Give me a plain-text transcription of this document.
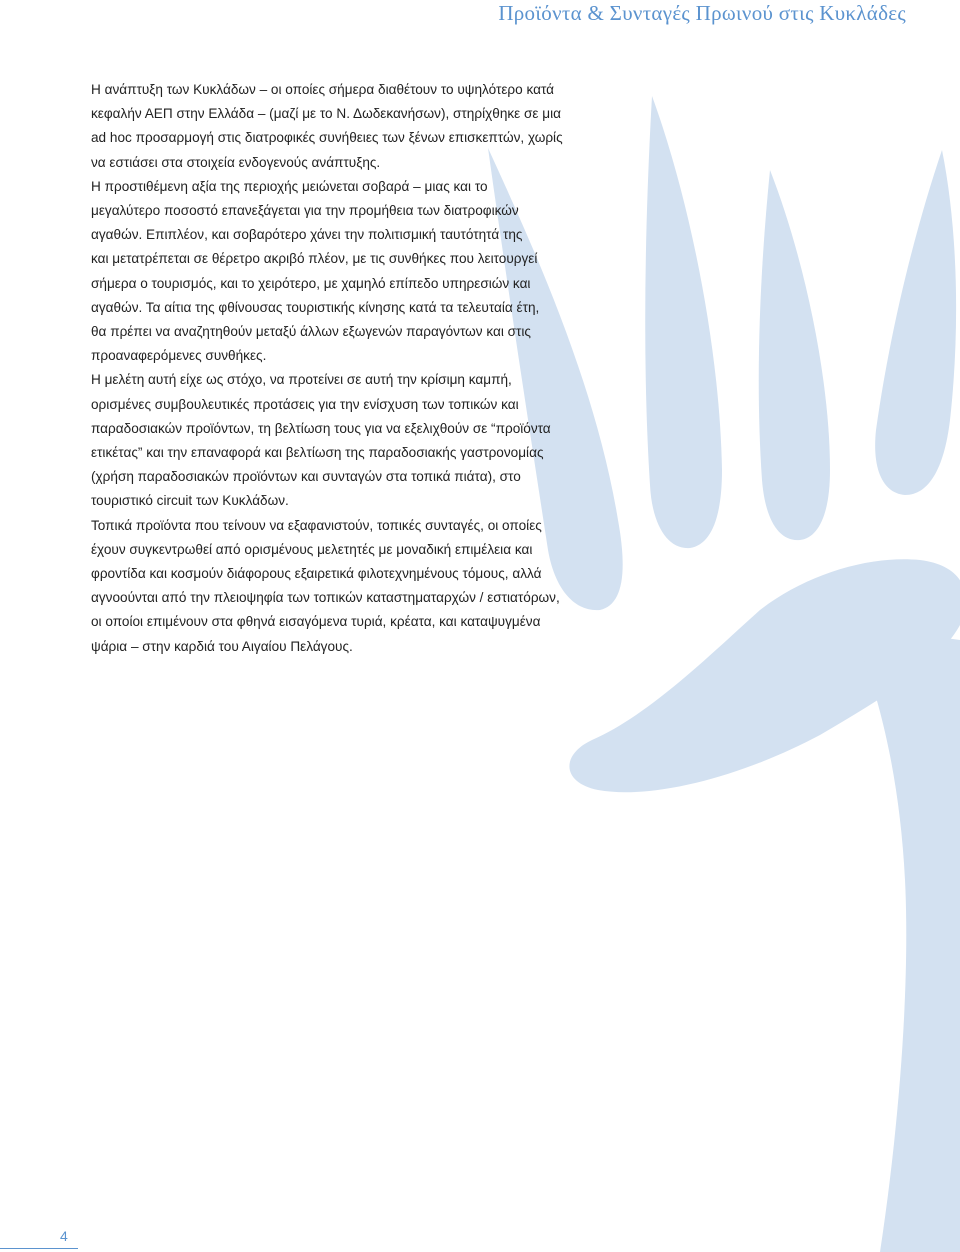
Προϊόντα & Συνταγές Πρωινού στις Κυκλάδες

Η ανάπτυξη των Κυκλάδων – οι οποίες σήμερα διαθέτουν το υψηλότερο κατά
κεφαλήν ΑΕΠ στην Ελλάδα – (μαζί με το Ν. Δωδεκανήσων), στηρίχθηκε σε μια
ad hoc προσαρμογή στις διατροφικές συνήθειες των ξένων επισκεπτών, χωρίς
να εστιάσει στα στοιχεία ενδογενούς ανάπτυξης.

Η προστιθέμενη αξία της περιοχής μειώνεται σοβαρά – μιας και το
μεγαλύτερο ποσοστό επανεξάγεται για την προμήθεια των διατροφικών
αγαθών. Επιπλέον, και σοβαρότερο χάνει την πολιτισμική ταυτότητά της
και μετατρέπεται σε θέρετρο ακριβό πλέον, με τις συνθήκες που λειτουργεί
σήμερα ο τουρισμός, και το χειρότερο, με χαμηλό επίπεδο υπηρεσιών και
αγαθών. Τα αίτια της φθίνουσας τουριστικής κίνησης κατά τα τελευταία έτη,
θα πρέπει να αναζητηθούν μεταξύ άλλων εξωγενών παραγόντων και στις
προαναφερόμενες συνθήκες.

Η μελέτη αυτή είχε ως στόχο, να προτείνει σε αυτή την κρίσιμη καμπή,
ορισμένες συμβουλευτικές προτάσεις για την ενίσχυση των τοπικών και
παραδοσιακών προϊόντων, τη βελτίωση τους για να εξελιχθούν σε “προϊόντα
ετικέτας” και την επαναφορά και βελτίωση της παραδοσιακής γαστρονομίας
(χρήση παραδοσιακών προϊόντων και συνταγών στα τοπικά πιάτα), στο
τουριστικό circuit των Κυκλάδων.

Τοπικά προϊόντα που τείνουν να εξαφανιστούν, τοπικές συνταγές, οι οποίες
έχουν συγκεντρωθεί από ορισμένους μελετητές με μοναδική επιμέλεια και
φροντίδα και κοσμούν διάφορους εξαιρετικά φιλοτεχνημένους τόμους, αλλά
αγνοούνται από την πλειοψηφία των τοπικών καταστηματαρχών / εστιατόρων,
οι οποίοι επιμένουν στα φθηνά εισαγόμενα τυριά, κρέατα, και καταψυγμένα
ψάρια – στην καρδιά του Αιγαίου Πελάγους.

4
